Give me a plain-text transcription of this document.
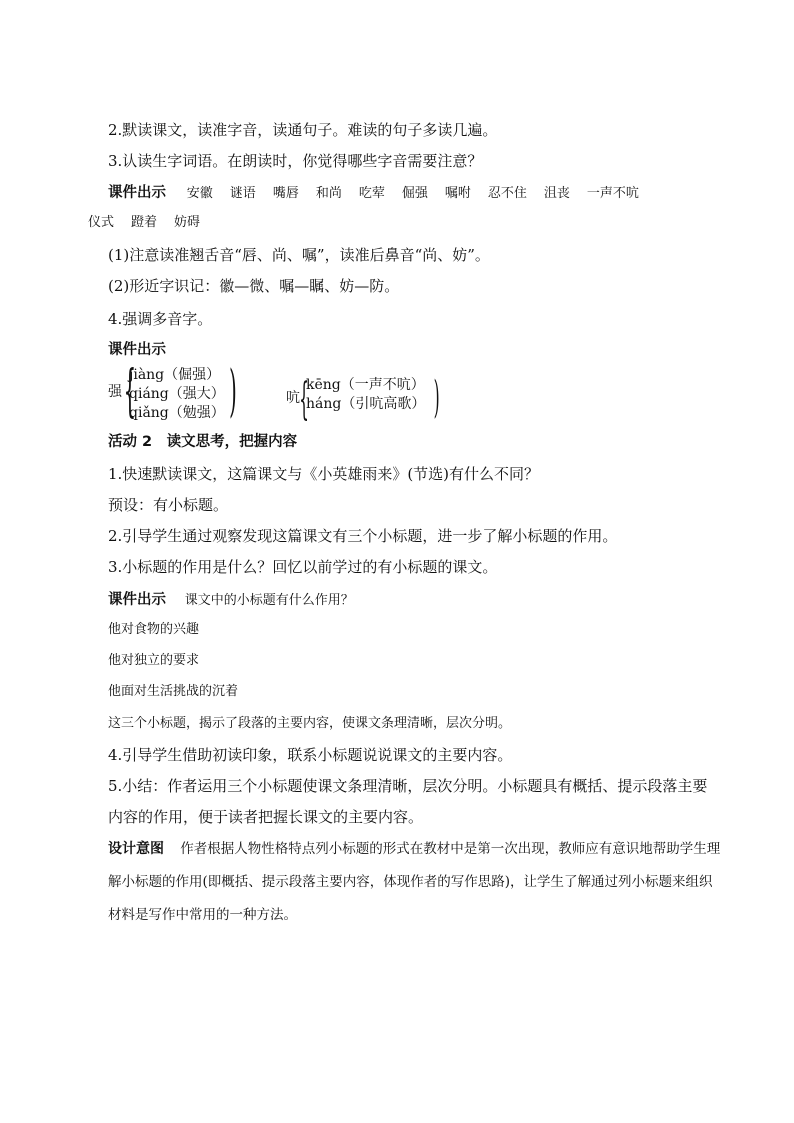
2.默读课文，读准字音，读通句子。难读的句子多读几遍。
3.认读生字词语。在朗读时，你觉得哪些字音需要注意？
课件出示 安徽 谜语 嘴唇 和尚 吃荤 倔强 嘱咐 忍不住 沮丧 一声不吭
仪式 蹬着 妨碍
(1)注意读准翘舌音“唇、尚、嘱”，读准后鼻音“尚、妨”。
(2)形近字识记：徽—微、嘱—瞩、妨—防。
4.强调多音字。
课件出示
强 {
jiàng（倔强）
qiáng（强大）
qiǎng（勉强） )	吭 {
kēng（一声不吭）
háng（引吭高歌） )
活动 2　读文思考，把握内容
1.快速默读课文，这篇课文与《小英雄雨来》(节选)有什么不同？
预设：有小标题。
2.引导学生通过观察发现这篇课文有三个小标题，进一步了解小标题的作用。
3.小标题的作用是什么？回忆以前学过的有小标题的课文。
课件出示 课文中的小标题有什么作用？
他对食物的兴趣
他对独立的要求
他面对生活挑战的沉着
这三个小标题，揭示了段落的主要内容，使课文条理清晰，层次分明。
4.引导学生借助初读印象，联系小标题说说课文的主要内容。
5.小结：作者运用三个小标题使课文条理清晰，层次分明。小标题具有概括、提示段落主要内容的作用，便于读者把握长课文的主要内容。
设计意图 作者根据人物性格特点列小标题的形式在教材中是第一次出现，教师应有意识地帮助学生理解小标题的作用(即概括、提示段落主要内容，体现作者的写作思路)，让学生了解通过列小标题来组织材料是写作中常用的一种方法。
